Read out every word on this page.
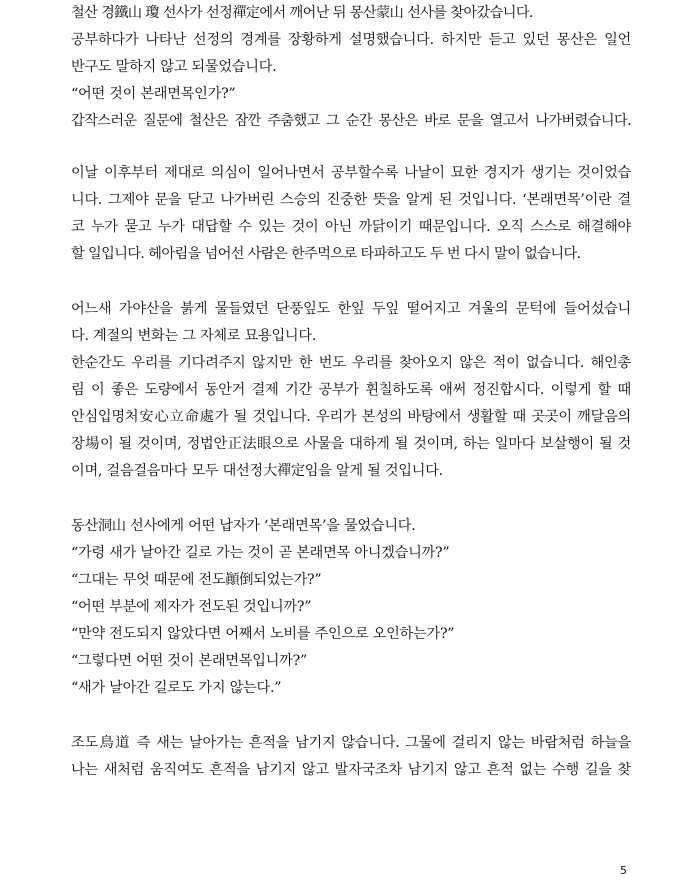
철산 경鐵山 瓊 선사가 선정禪定에서 깨어난 뒤 몽산蒙山 선사를 찾아갔습니다.
공부하다가 나타난 선정의 경계를 장황하게 설명했습니다. 하지만 듣고 있던 몽산은 일언
반구도 말하지 않고 되물었습니다.
“어떤 것이 본래면목인가?”
갑작스러운 질문에 철산은 잠깐 주춤했고 그 순간 몽산은 바로 문을 열고서 나가버렸습니다.
이날 이후부터 제대로 의심이 일어나면서 공부할수록 나날이 묘한 경지가 생기는 것이었습
니다. 그제야 문을 닫고 나가버린 스승의 진중한 뜻을 알게 된 것입니다. ‘본래면목’이란 결
코 누가 묻고 누가 대답할 수 있는 것이 아닌 까닭이기 때문입니다. 오직 스스로 해결해야
할 일입니다. 헤아림을 넘어선 사람은 한주먹으로 타파하고도 두 번 다시 말이 없습니다.
어느새 가야산을 붉게 물들였던 단풍잎도 한잎 두잎 떨어지고 겨울의 문턱에 들어섰습니
다. 계절의 변화는 그 자체로 묘용입니다.
한순간도 우리를 기다려주지 않지만 한 번도 우리를 찾아오지 않은 적이 없습니다. 해인총
림 이 좋은 도량에서 동안거 결제 기간 공부가 휜칠하도록 애써 정진합시다. 이렇게 할 때
안심입명처安心立命處가 될 것입니다. 우리가 본성의 바탕에서 생활할 때 곳곳이 깨달음의
장場이 될 것이며, 정법안正法眼으로 사물을 대하게 될 것이며, 하는 일마다 보살행이 될 것
이며, 걸음걸음마다 모두 대선정大禪定임을 알게 될 것입니다.
동산洞山 선사에게 어떤 납자가 ‘본래면목’을 물었습니다.
“가령 새가 날아간 길로 가는 것이 곧 본래면목 아니겠습니까?”
“그대는 무엇 때문에 전도顚倒되었는가?”
“어떤 부분에 제자가 전도된 것입니까?”
“만약 전도되지 않았다면 어째서 노비를 주인으로 오인하는가?”
“그렇다면 어떤 것이 본래면목입니까?”
“새가 날아간 길로도 가지 않는다.”
조도鳥道 즉 새는 날아가는 흔적을 남기지 않습니다. 그물에 걸리지 않는 바람처럼 하늘을
나는 새처럼 움직여도 흔적을 남기지 않고 발자국조차 남기지 않고 흔적 없는 수행 길을 찾
5
